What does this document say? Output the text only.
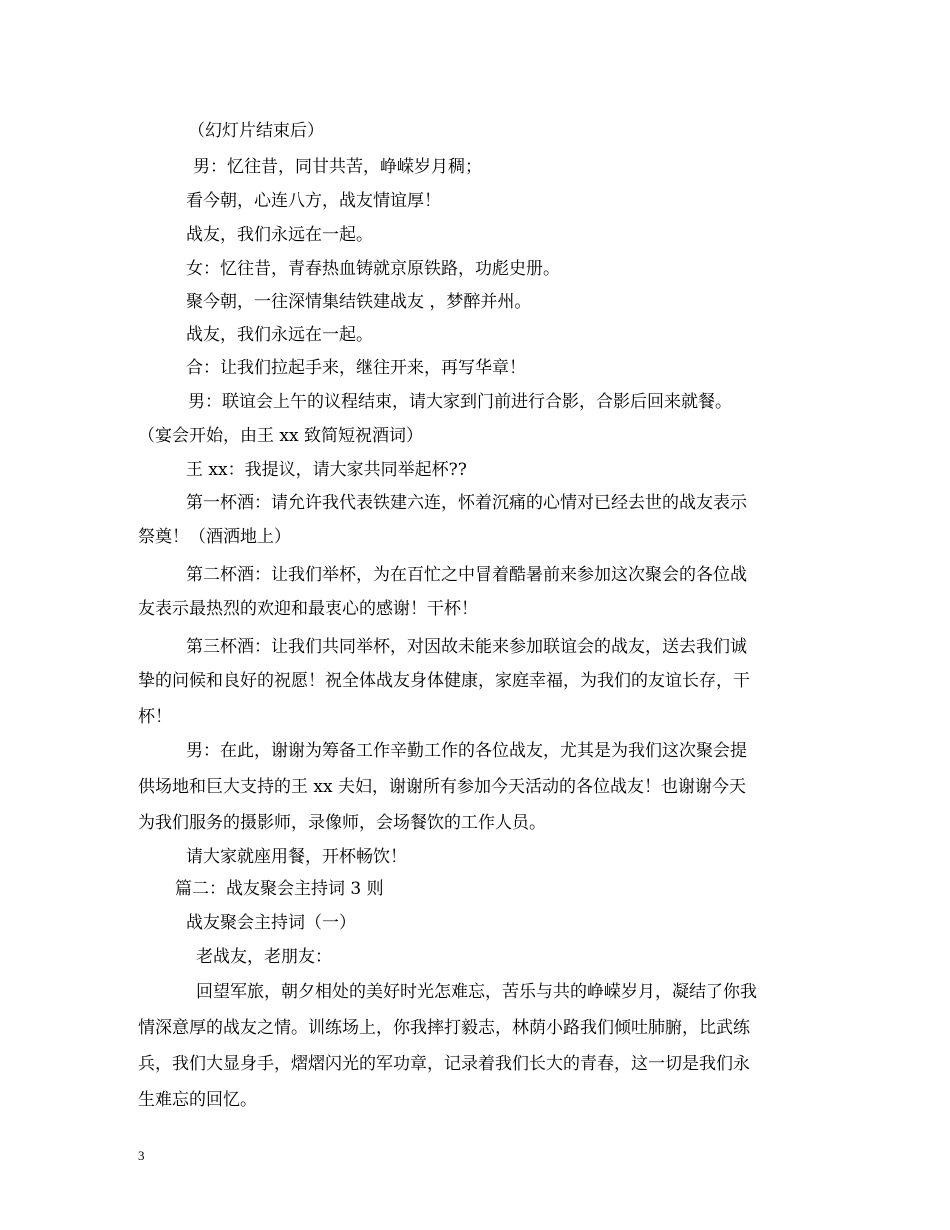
（幻灯片结束后）
男：忆往昔，同甘共苦，峥嵘岁月稠；
看今朝，心连八方，战友情谊厚！
战友，我们永远在一起。
女：忆往昔，青春热血铸就京原铁路，功彪史册。
聚今朝，一往深情集结铁建战友 ，梦醉并州。
战友，我们永远在一起。
合：让我们拉起手来，继往开来，再写华章！
男：联谊会上午的议程结束，请大家到门前进行合影，合影后回来就餐。
（宴会开始，由王 xx 致简短祝酒词）
王 xx：我提议，请大家共同举起杯??
第一杯酒：请允许我代表铁建六连，怀着沉痛的心情对已经去世的战友表示
祭奠！（酒洒地上）
第二杯酒：让我们举杯，为在百忙之中冒着酷暑前来参加这次聚会的各位战
友表示最热烈的欢迎和最衷心的感谢！干杯！
第三杯酒：让我们共同举杯，对因故未能来参加联谊会的战友，送去我们诚
挚的问候和良好的祝愿！祝全体战友身体健康，家庭幸福，为我们的友谊长存，干
杯！
男：在此，谢谢为筹备工作辛勤工作的各位战友，尤其是为我们这次聚会提
供场地和巨大支持的王 xx 夫妇，谢谢所有参加今天活动的各位战友！也谢谢今天
为我们服务的摄影师，录像师，会场餐饮的工作人员。
请大家就座用餐，开杯畅饮！
篇二：战友聚会主持词 3 则
战友聚会主持词（一）
老战友，老朋友：
回望军旅，朝夕相处的美好时光怎难忘，苦乐与共的峥嵘岁月，凝结了你我
情深意厚的战友之情。训练场上，你我摔打毅志，林荫小路我们倾吐肺腑，比武练
兵，我们大显身手，熠熠闪光的军功章，记录着我们长大的青春，这一切是我们永
生难忘的回忆。
3
